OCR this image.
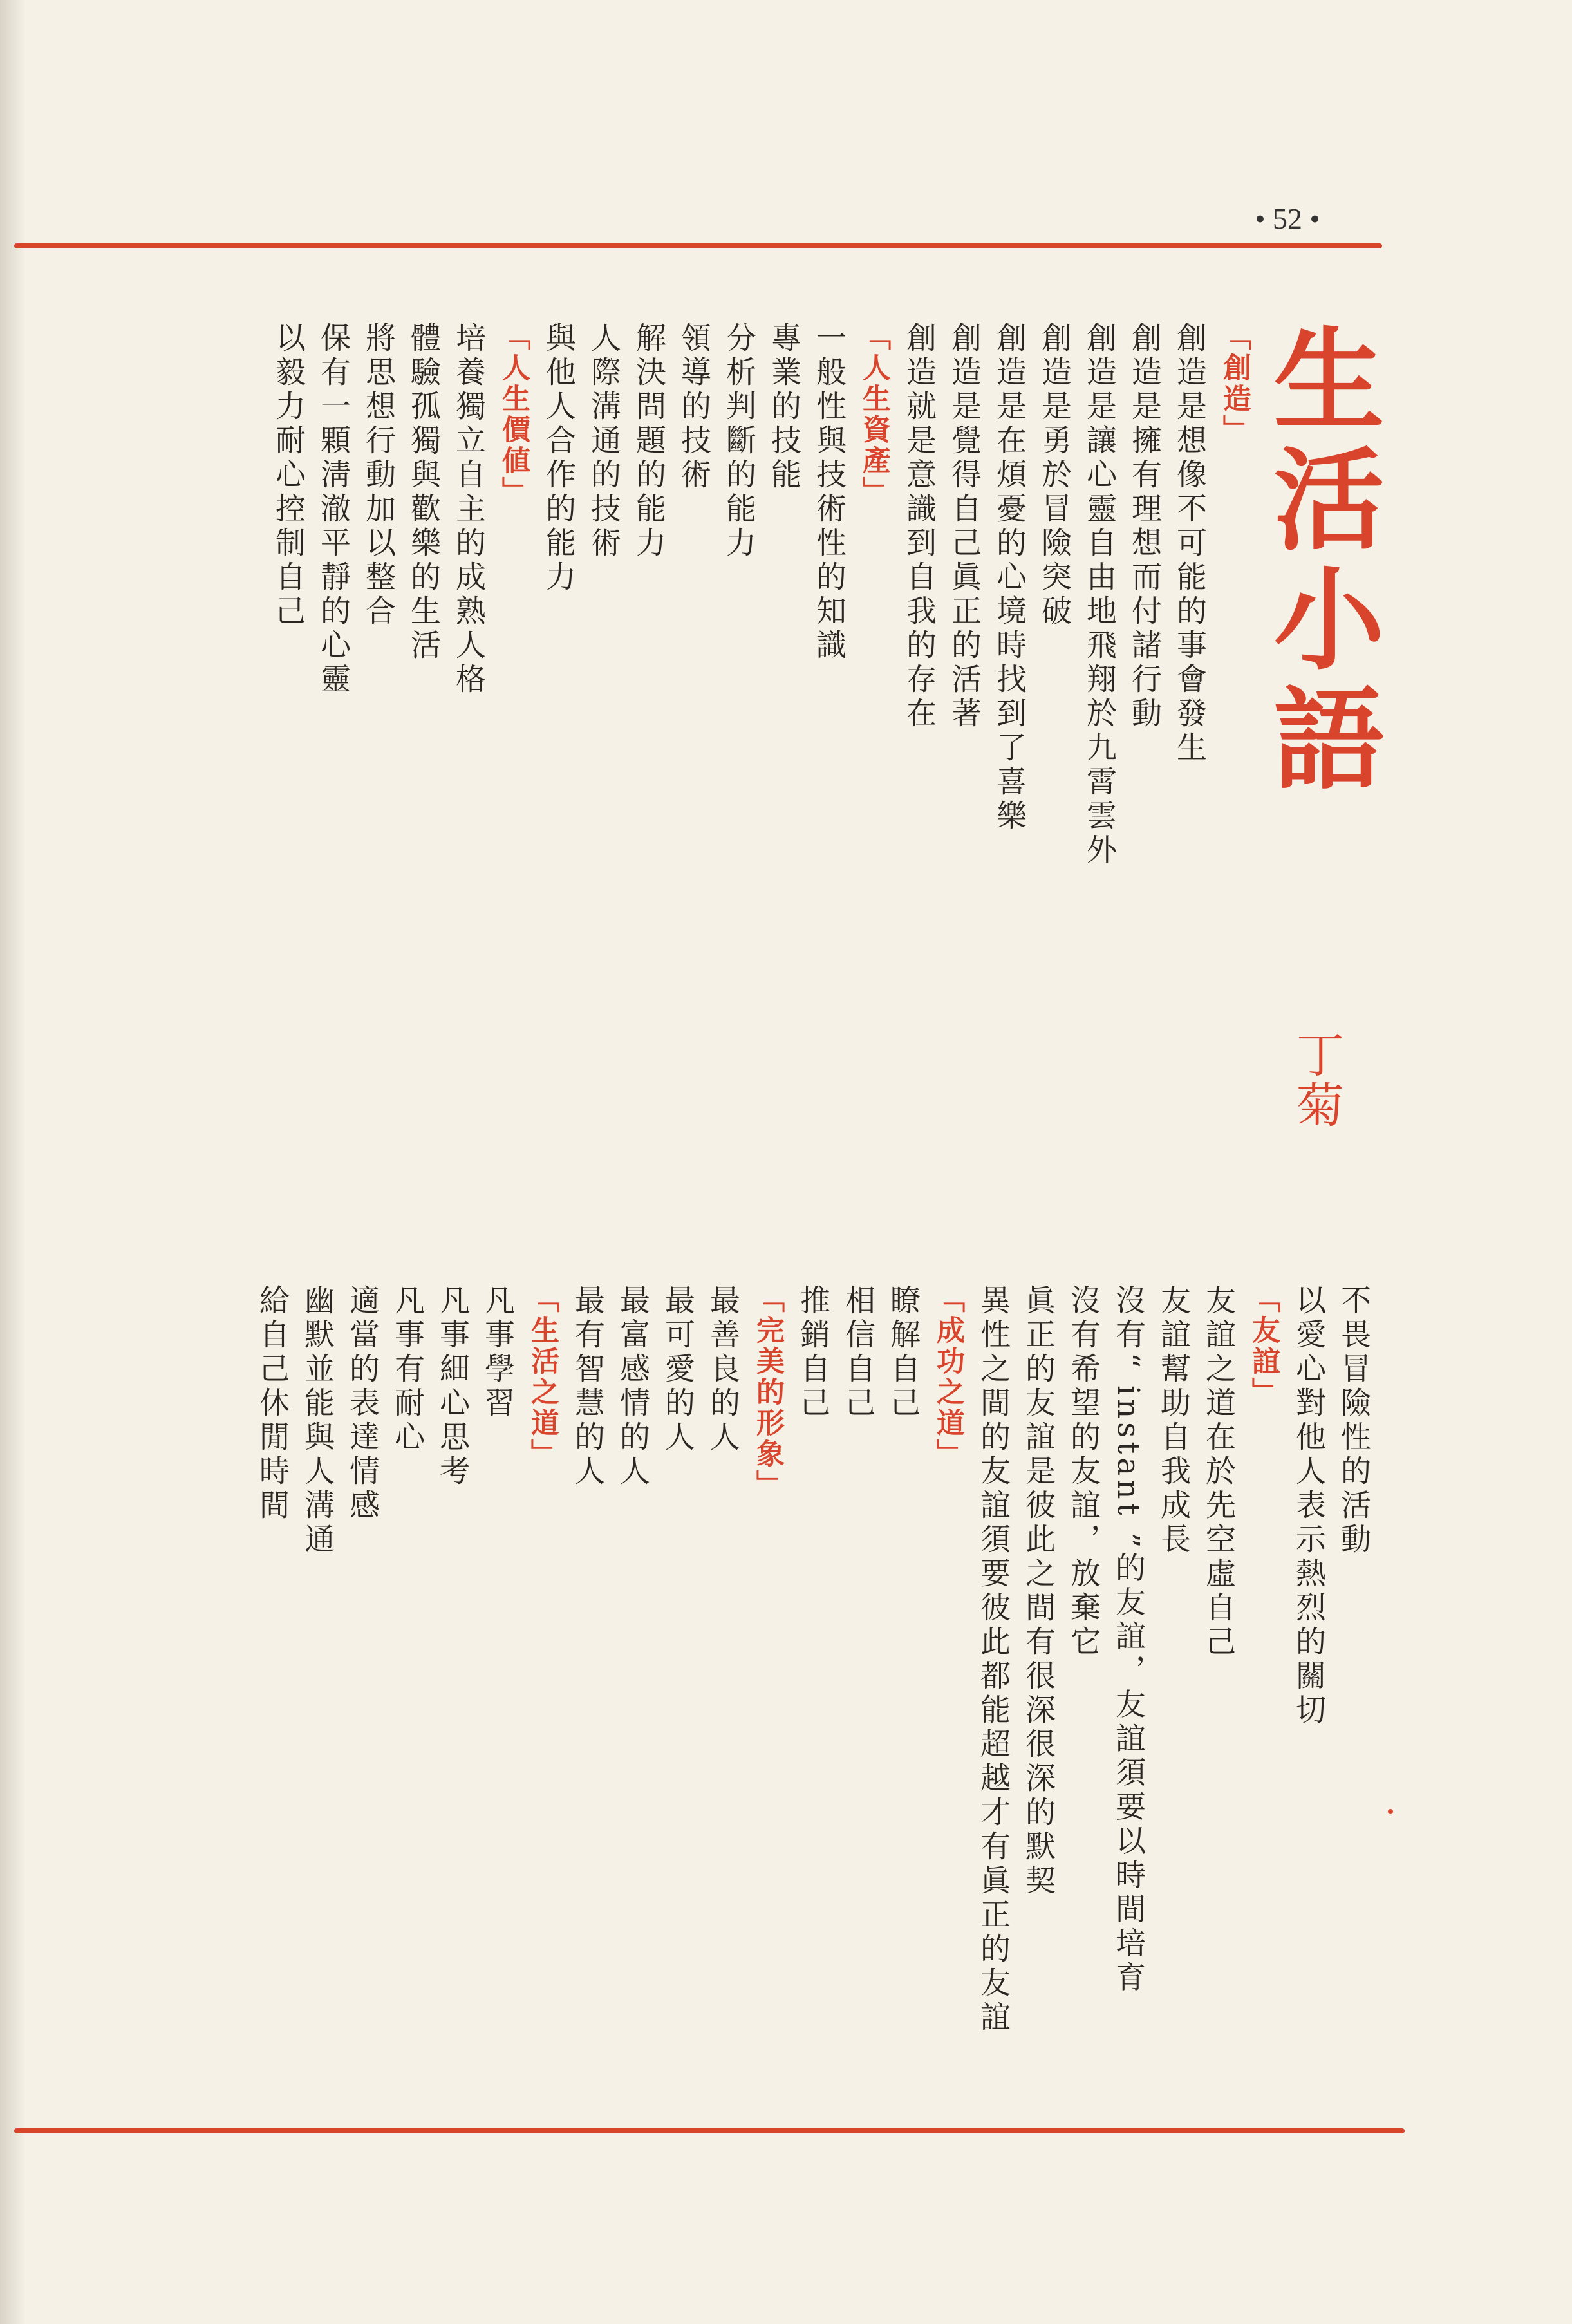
• 52 •
生活小語
丁菊
「創造」
創造是想像不可能的事會發生
創造是擁有理想而付諸行動
創造是讓心靈自由地飛翔於九霄雲外
創造是勇於冒險突破
創造是在煩憂的心境時找到了喜樂
創造是覺得自己眞正的活著
創造就是意識到自我的存在
「人生資產」
一般性與技術性的知識
專業的技能
分析判斷的能力
領導的技術
解決問題的能力
人際溝通的技術
與他人合作的能力
「人生價値」
培養獨立自主的成熟人格
體驗孤獨與歡樂的生活
將思想行動加以整合
保有一顆淸澈平靜的心靈
以毅力耐心控制自己
不畏冒險性的活動
以愛心對他人表示熱烈的關切
「友誼」
友誼之道在於先空虛自己
友誼幫助自我成長
沒有“ instant ”的友誼，友誼須要以時間培育
沒有希望的友誼，放棄它
眞正的友誼是彼此之間有很深很深的默契
異性之間的友誼須要彼此都能超越才有眞正的友誼
「成功之道」
瞭解自己
相信自己
推銷自己
「完美的形象」
最善良的人
最可愛的人
最富感情的人
最有智慧的人
「生活之道」
凡事學習
凡事細心思考
凡事有耐心
適當的表達情感
幽默並能與人溝通
給自己休閒時間
